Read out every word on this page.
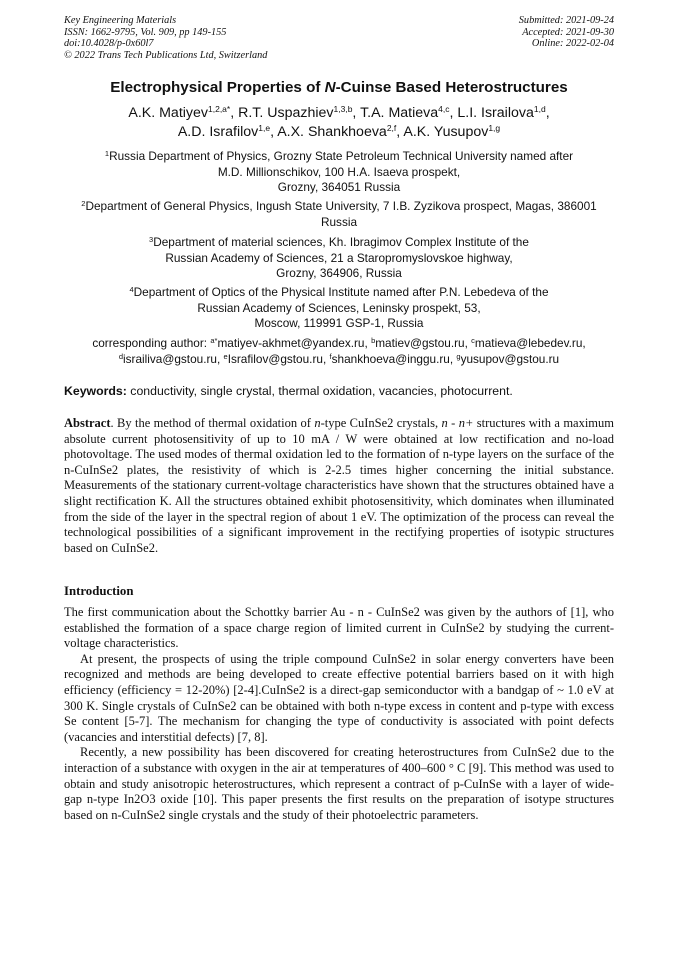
Key Engineering Materials
ISSN: 1662-9795, Vol. 909, pp 149-155
doi:10.4028/p-0x60l7
© 2022 Trans Tech Publications Ltd, Switzerland
Submitted: 2021-09-24
Accepted: 2021-09-30
Online: 2022-02-04
Electrophysical Properties of N-Cuinse Based Heterostructures
A.K. Matiyev$^{1,2,a*}$, R.T. Uspazhiev$^{1,3,b}$, T.A. Matieva$^{4,c}$, L.I. Israilova$^{1,d}$,
A.D. Israfilov$^{1,e}$, A.X. Shankhoeva$^{2,f}$, A.K. Yusupov$^{1,g}$
$^1$Russia Department of Physics, Grozny State Petroleum Technical University named after
M.D. Millionschikov, 100 H.A. Isaeva prospekt,
Grozny, 364051 Russia
$^2$Department of General Physics, Ingush State University, 7 I.B. Zyzikova prospect, Magas, 386001
Russia
$^3$Department of material sciences, Kh. Ibragimov Complex Institute of the
Russian Academy of Sciences, 21 a Staropromyslovskoe highway,
Grozny, 364906, Russia
$^4$Department of Optics of the Physical Institute named after P.N. Lebedeva of the
Russian Academy of Sciences, Leninsky prospekt, 53,
Moscow, 119991 GSP-1, Russia
corresponding author: $^{a*}$matiyev-akhmet@yandex.ru, $^b$matiev@gstou.ru, $^c$matieva@lebedev.ru,
$^d$israiliva@gstou.ru, $^e$Israfilov@gstou.ru, $^f$shankhoeva@inggu.ru, $^g$yusupov@gstou.ru
Keywords: conductivity, single crystal, thermal oxidation, vacancies, photocurrent.

Abstract. By the method of thermal oxidation of n-type CuInSe2 crystals, n - n+ structures with a maximum absolute current photosensitivity of up to 10 mA / W were obtained at low rectification and no-load photovoltage. The used modes of thermal oxidation led to the formation of n-type layers on the surface of the n-CuInSe2 plates, the resistivity of which is 2-2.5 times higher concerning the initial substance. Measurements of the stationary current-voltage characteristics have shown that the structures obtained have a slight rectification K. All the structures obtained exhibit photosensitivity, which dominates when illuminated from the side of the layer in the spectral region of about 1 eV. The optimization of the process can reveal the technological possibilities of a significant improvement in the rectifying properties of isotypic structures based on CuInSe2.

Introduction

The first communication about the Schottky barrier Au - n - CuInSe2 was given by the authors of [1], who established the formation of a space charge region of limited current in CuInSe2 by studying the current-voltage characteristics.

At present, the prospects of using the triple compound CuInSe2 in solar energy converters have been recognized and methods are being developed to create effective potential barriers based on it with high efficiency (efficiency = 12-20%) [2-4].CuInSe2 is a direct-gap semiconductor with a bandgap of ~ 1.0 eV at 300 K. Single crystals of CuInSe2 can be obtained with both n-type excess in content and p-type with excess Se content [5-7]. The mechanism for changing the type of conductivity is associated with point defects (vacancies and interstitial defects) [7, 8].

Recently, a new possibility has been discovered for creating heterostructures from CuInSe2 due to the interaction of a substance with oxygen in the air at temperatures of 400–600 ° C [9]. This method was used to obtain and study anisotropic heterostructures, which represent a contract of p-CuInSe with a layer of wide-gap n-type In2O3 oxide [10]. This paper presents the first results on the preparation of isotype structures based on n-CuInSe2 single crystals and the study of their photoelectric parameters.
